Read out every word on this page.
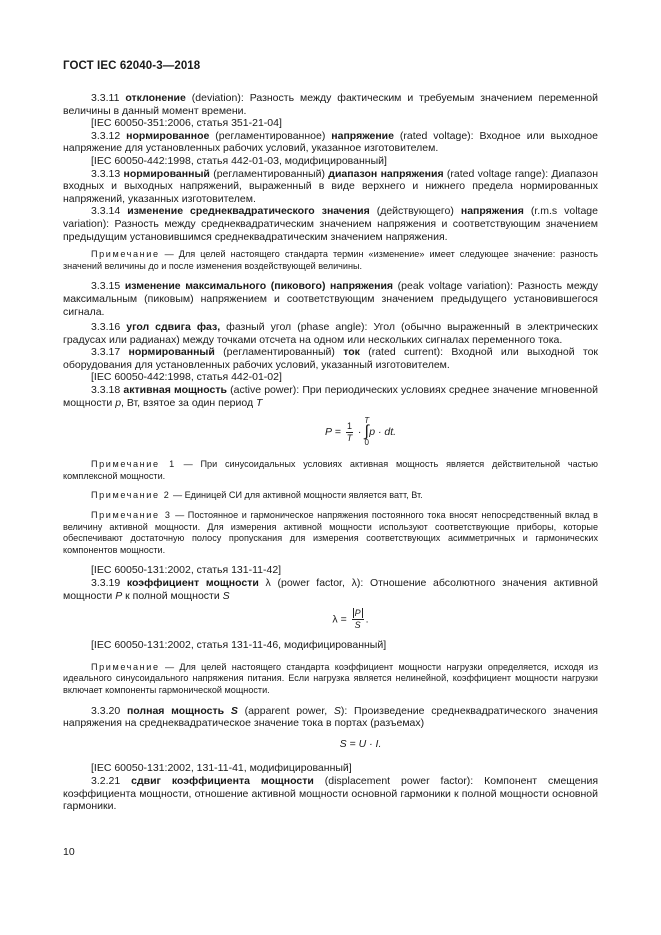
ГОСТ IEC 62040-3—2018

3.3.11 отклонение (deviation): Разность между фактическим и требуемым значением переменной величины в данный момент времени.

[IEC 60050-351:2006, статья 351-21-04]

3.3.12 нормированное (регламентированное) напряжение (rated voltage): Входное или выходное напряжение для установленных рабочих условий, указанное изготовителем.

[IEC 60050-442:1998, статья 442-01-03, модифицированный]

3.3.13 нормированный (регламентированный) диапазон напряжения (rated voltage range): Диапазон входных и выходных напряжений, выраженный в виде верхнего и нижнего предела нормированных напряжений, указанных изготовителем.

3.3.14 изменение среднеквадратического значения (действующего) напряжения (r.m.s voltage variation): Разность между среднеквадратическим значением напряжения и соответствующим значением предыдущим установившимся среднеквадратическим значением напряжения.

Примечание — Для целей настоящего стандарта термин «изменение» имеет следующее значение: разность значений величины до и после изменения воздействующей величины.

3.3.15 изменение максимального (пикового) напряжения (peak voltage variation): Разность между максимальным (пиковым) напряжением и соответствующим значением предыдущего установившегося сигнала.

3.3.16 угол сдвига фаз, фазный угол (phase angle): Угол (обычно выраженный в электрических градусах или радианах) между точками отсчета на одном или нескольких сигналах переменного тока.

3.3.17 нормированный (регламентированный) ток (rated current): Входной или выходной ток оборудования для установленных рабочих условий, указанный изготовителем.

[IEC 60050-442:1998, статья 442-01-02]

3.3.18 активная мощность (active power): При периодических условиях среднее значение мгновенной мощности p, Вт, взятое за один период T

$P = \frac{1}{T}$ ·
T
∫
0
p · dt.

Примечание 1 — При синусоидальных условиях активная мощность является действительной частью комплексной мощности.

Примечание 2 — Единицей СИ для активной мощности является ватт, Вт.

Примечание 3 — Постоянное и гармоническое напряжения постоянного тока вносят непосредственный вклад в величину активной мощности. Для измерения активной мощности используют соответствующие приборы, которые обеспечивают достаточную полосу пропускания для измерения соответствующих асимметричных и гармонических компонентов мощности.

[IEC 60050-131:2002, статья 131-11-42]

3.3.19 коэффициент мощности λ (power factor, λ): Отношение абсолютного значения активной мощности P к полной мощности S

$\lambda = \frac{P}{S}$ .

[IEC 60050-131:2002, статья 131-11-46, модифицированный]

Примечание — Для целей настоящего стандарта коэффициент мощности нагрузки определяется, исходя из идеального синусоидального напряжения питания. Если нагрузка является нелинейной, коэффициент мощности нагрузки включает компоненты гармонической мощности.

3.3.20 полная мощность S (apparent power, S): Произведение среднеквадратического значения напряжения на среднеквадратическое значение тока в портах (разъемах)

S = U · I.

[IEC 60050-131:2002, 131-11-41, модифицированный]

3.2.21 сдвиг коэффициента мощности (displacement power factor): Компонент смещения коэффициента мощности, отношение активной мощности основной гармоники к полной мощности основной гармоники.

10
